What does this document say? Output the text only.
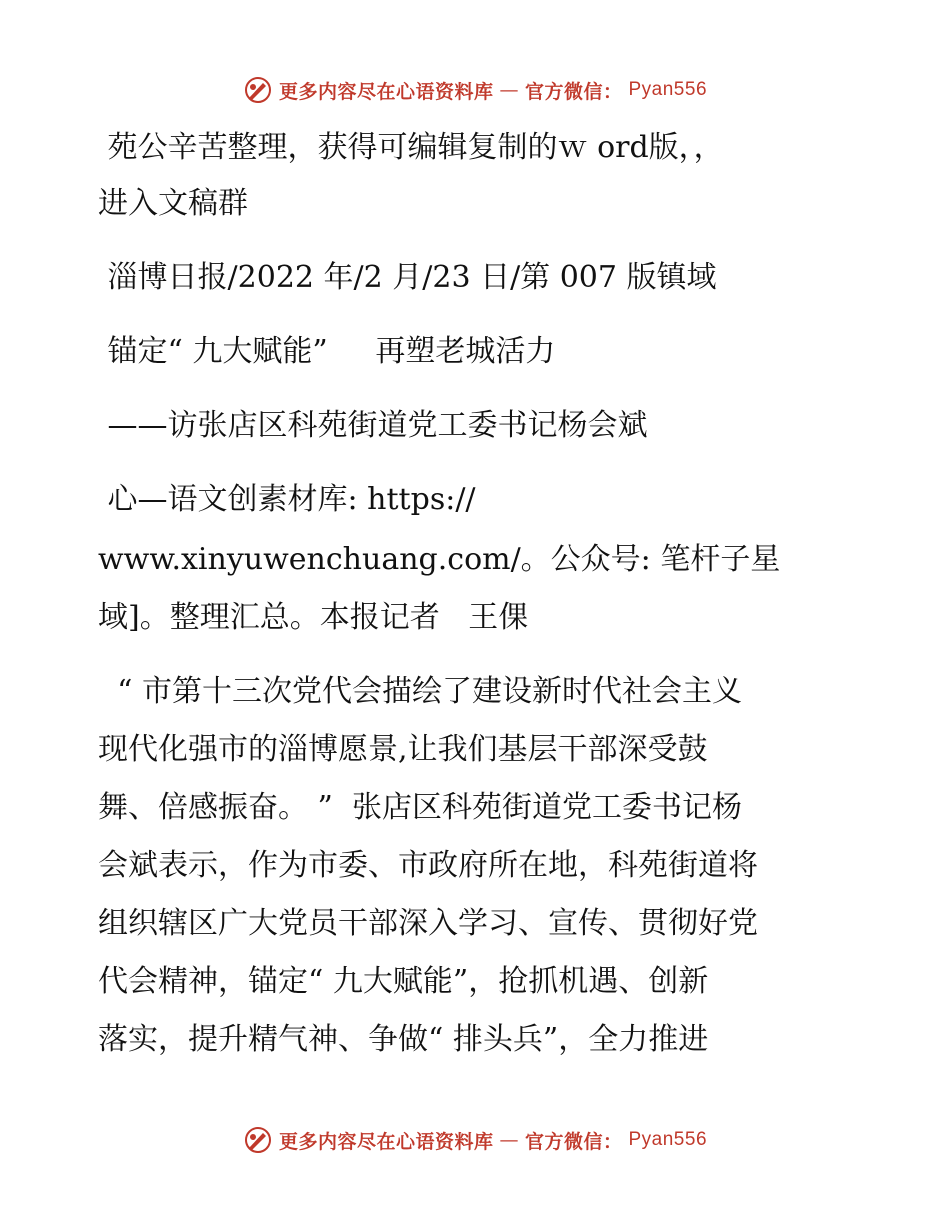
更多内容尽在心语资料库 — 官方微信： Pyan556
苑公辛苦整理，获得可编辑复制的ｗ ord版，，
进入文稿群
淄博日报/2022 年/2 月/23 日/第 007 版镇域
锚定“ 九大赋能”     再塑老城活力
——访张店区科苑街道党工委书记杨会斌
心—语文创素材库: https://
www.xinyuwenchuang.com/。公众号: 笔杆子星
域]。整理汇总。本报记者   王倮
“ 市第十三次党代会描绘了建设新时代社会主义
现代化强市的淄博愿景,让我们基层干部深受鼓
舞、倍感振奋。 ”  张店区科苑街道党工委书记杨
会斌表示，作为市委、市政府所在地，科苑街道将
组织辖区广大党员干部深入学习、宣传、贯彻好党
代会精神，锚定“ 九大赋能”，抢抓机遇、创新
落实，提升精气神、争做“ 排头兵”，全力推进
更多内容尽在心语资料库 — 官方微信： Pyan556
